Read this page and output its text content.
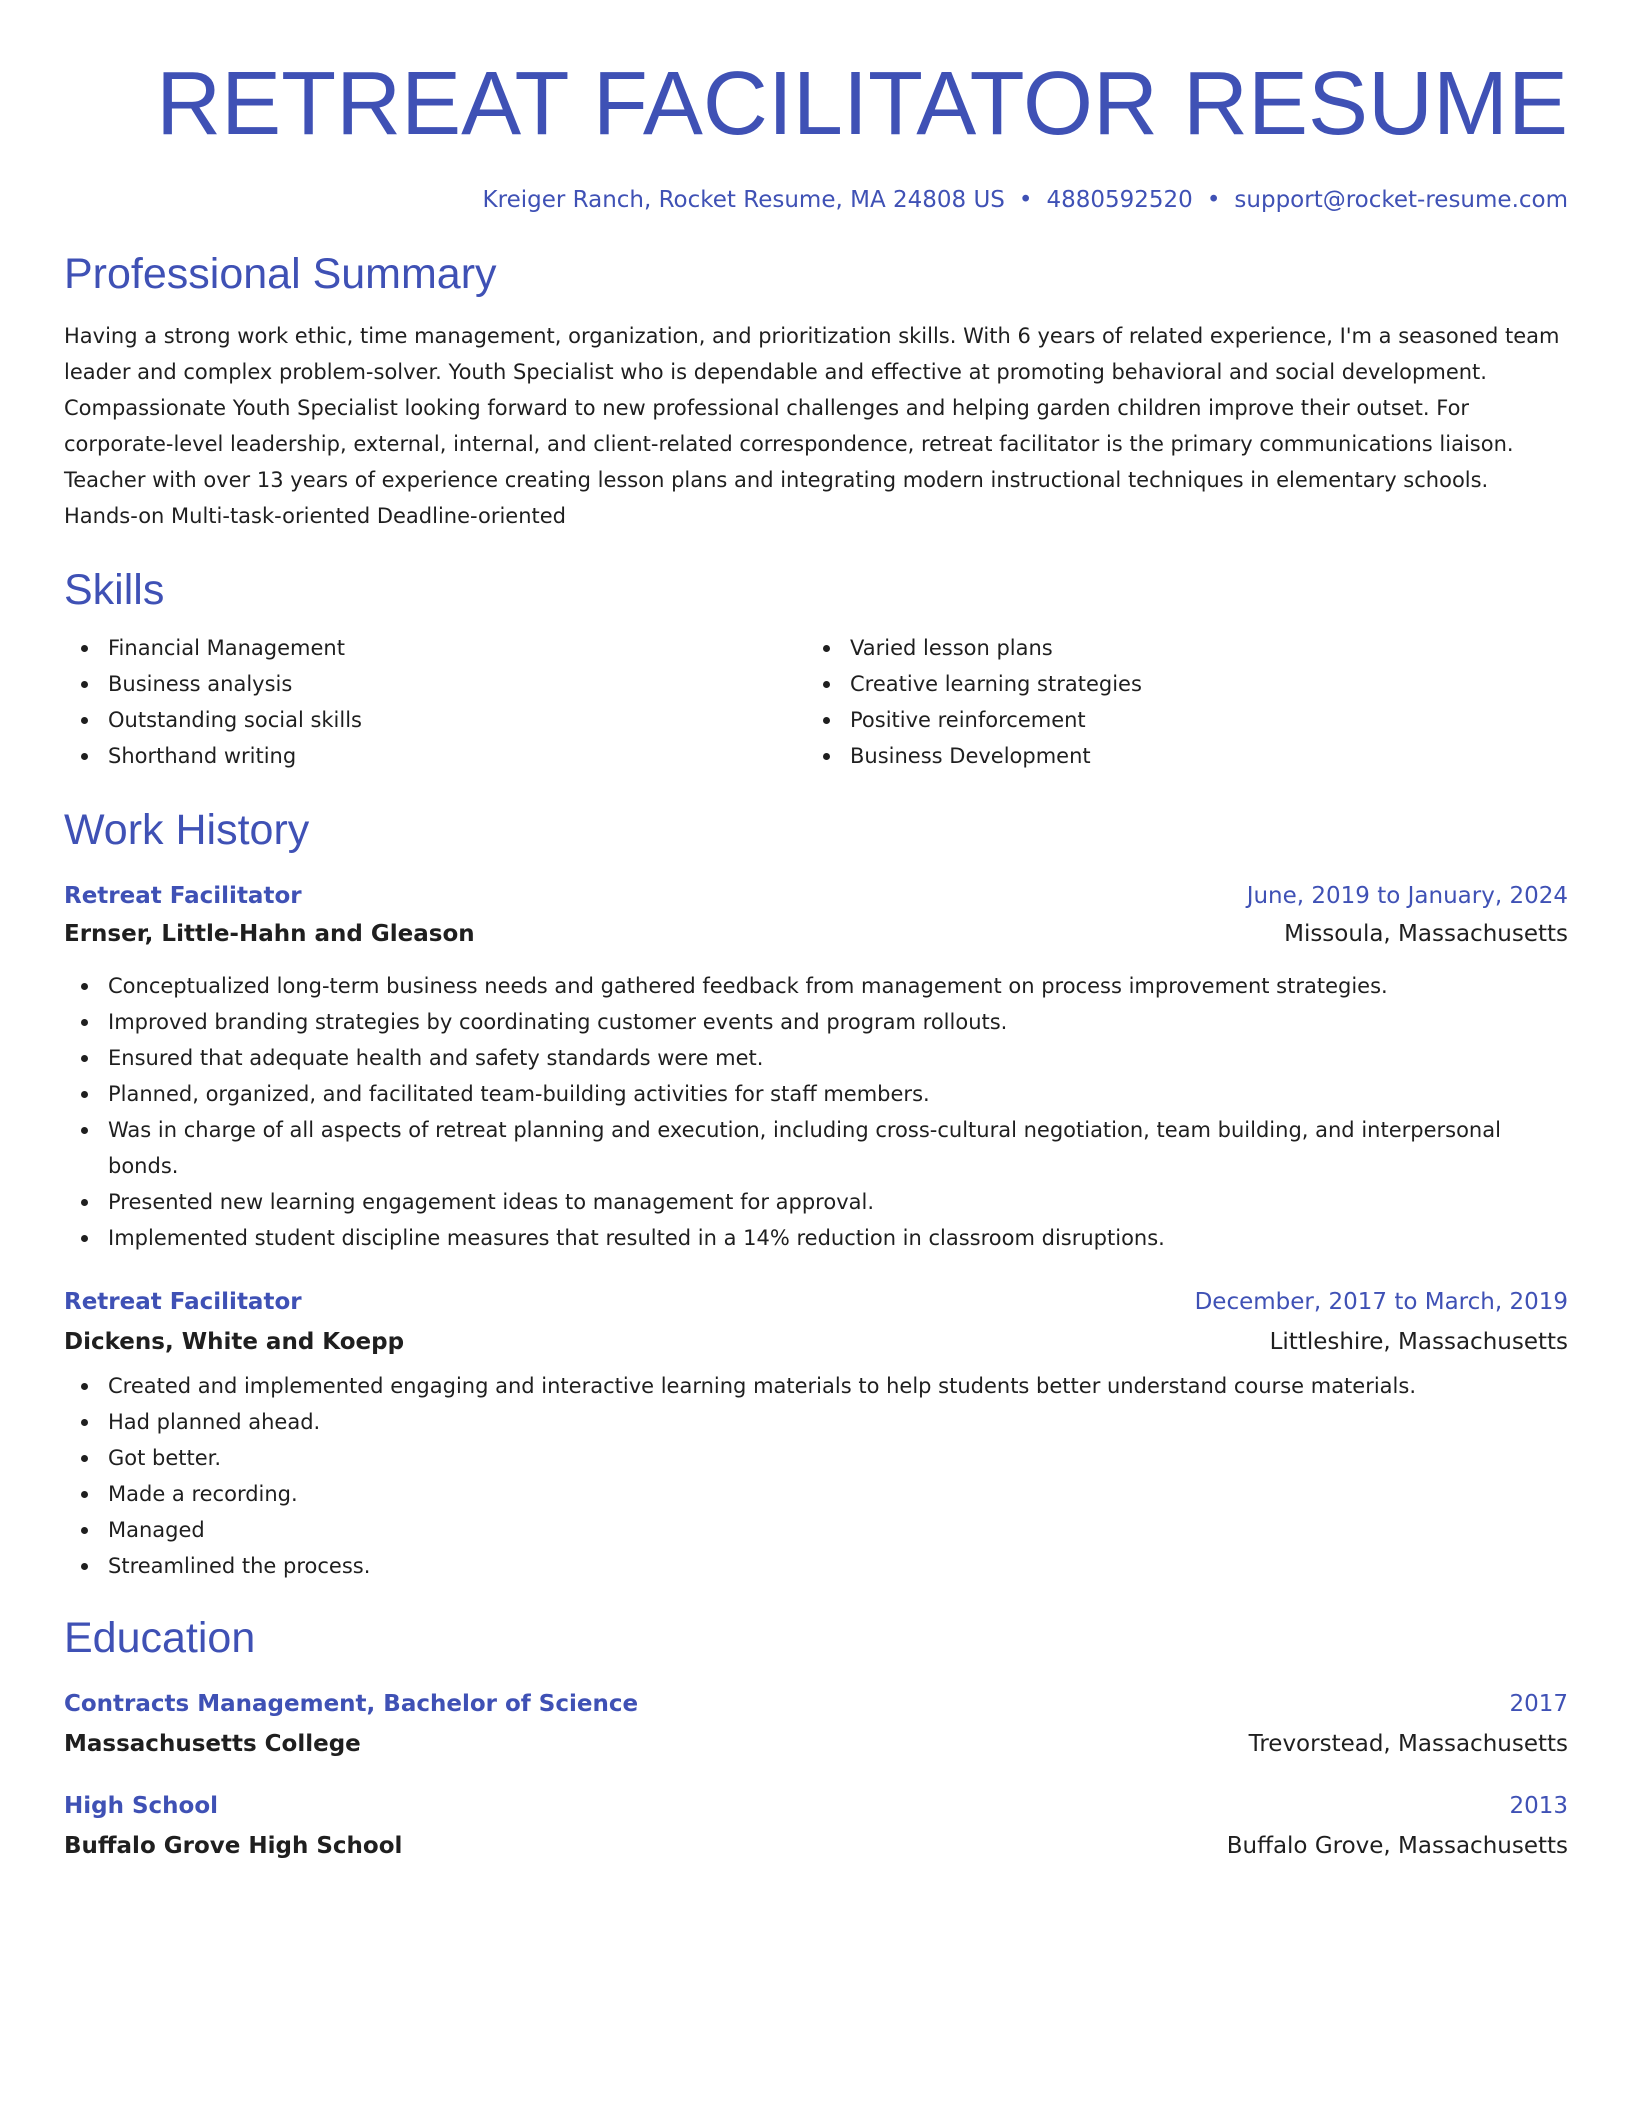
RETREAT FACILITATOR RESUME
Kreiger Ranch, Rocket Resume, MA 24808 US • 4880592520 • support@rocket-resume.com
Professional Summary

Having a strong work ethic, time management, organization, and prioritization skills. With 6 years of related experience, I'm a seasoned team leader and complex problem-solver. Youth Specialist who is dependable and effective at promoting behavioral and social development. Compassionate Youth Specialist looking forward to new professional challenges and helping garden children improve their outset. For corporate-level leadership, external, internal, and client-related correspondence, retreat facilitator is the primary communications liaison. Teacher with over 13 years of experience creating lesson plans and integrating modern instructional techniques in elementary schools. Hands-on Multi-task-oriented Deadline-oriented

Skills
Financial Management
Business analysis
Outstanding social skills
Shorthand writing
Varied lesson plans
Creative learning strategies
Positive reinforcement
Business Development
Work History
Retreat Facilitator	June, 2019 to January, 2024
Ernser, Little-Hahn and Gleason	Missoula, Massachusetts
Conceptualized long-term business needs and gathered feedback from management on process improvement strategies.
Improved branding strategies by coordinating customer events and program rollouts.
Ensured that adequate health and safety standards were met.
Planned, organized, and facilitated team-building activities for staff members.
Was in charge of all aspects of retreat planning and execution, including cross-cultural negotiation, team building, and interpersonal bonds.
Presented new learning engagement ideas to management for approval.
Implemented student discipline measures that resulted in a 14% reduction in classroom disruptions.
Retreat Facilitator	December, 2017 to March, 2019
Dickens, White and Koepp	Littleshire, Massachusetts
Created and implemented engaging and interactive learning materials to help students better understand course materials.
Had planned ahead.
Got better.
Made a recording.
Managed
Streamlined the process.
Education
Contracts Management, Bachelor of Science	2017
Massachusetts College	Trevorstead, Massachusetts
High School	2013
Buffalo Grove High School	Buffalo Grove, Massachusetts
